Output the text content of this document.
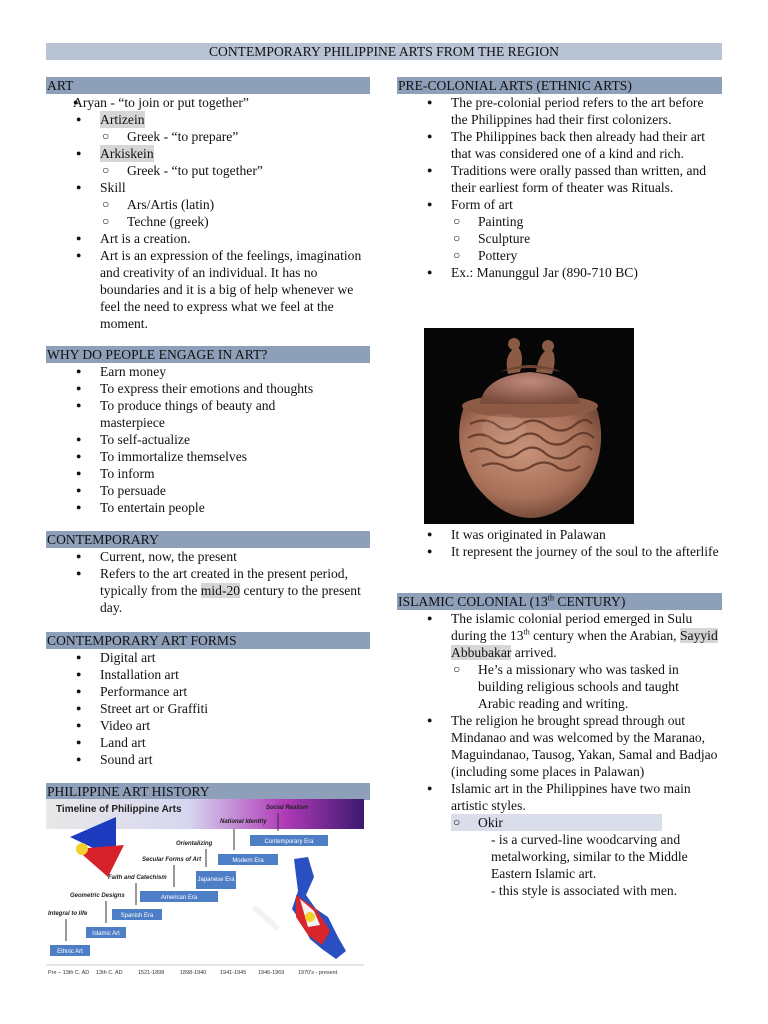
CONTEMPORARY PHILIPPINE ARTS FROM THE REGION
ART
● Aryan - “to join or put together”
● Artizein
○ Greek - “to prepare”
● Arkiskein
○ Greek - “to put together”
● Skill
○ Ars/Artis (latin)
○ Techne (greek)
● Art is a creation.
● Art is an expression of the feelings, imagination and creativity of an individual. It has no boundaries and it is a big of help whenever we feel the need to express what we feel at the moment.
WHY DO PEOPLE ENGAGE IN ART?
● Earn money
● To express their emotions and thoughts
● To produce things of beauty and masterpiece
● To self-actualize
● To immortalize themselves
● To inform
● To persuade
● To entertain people
CONTEMPORARY
● Current, now, the present
● Refers to the art created in the present period, typically from the mid-20 century to the present day.
CONTEMPORARY ART FORMS
● Digital art
● Installation art
● Performance art
● Street art or Graffiti
● Video art
● Land art
● Sound art
PHILIPPINE ART HISTORY
Timeline of Philippine Arts
Ethnic Art
Islamic Art
Spanish Era
American Era
Japanese Era
Modern Era
Contemporary Era
Integral to life
Geometric Designs
Faith and Catechism
Secular Forms of Art
Orientalizing
National Identity
Social Realism
Pre – 13th C. AD 13th C. AD	1521-1898	1898-1940 1941-1945 1946-1969 1970's - present
PRE-COLONIAL ARTS (ETHNIC ARTS)
● The pre-colonial period refers to the art before the Philippines had their first colonizers.
● The Philippines back then already had their art that was considered one of a kind and rich.
● Traditions were orally passed than written, and their earliest form of theater was Rituals.
● Form of art
○ Painting
○ Sculpture
○ Pottery
● Ex.: Manunggul Jar (890-710 BC)
● It was originated in Palawan
● It represent the journey of the soul to the afterlife
ISLAMIC COLONIAL (13th CENTURY)
● The islamic colonial period emerged in Sulu during the 13th century when the Arabian, Sayyid Abbubakar arrived.
○ He’s a missionary who was tasked in building religious schools and taught Arabic reading and writing.
● The religion he brought spread through out Mindanao and was welcomed by the Maranao, Maguindanao, Tausog, Yakan, Samal and Badjao (including some places in Palawan)
● Islamic art in the Philippines have two main artistic styles.
○ Okir
- is a curved-line woodcarving and metalworking, similar to the Middle Eastern Islamic art.
- this style is associated with men.
